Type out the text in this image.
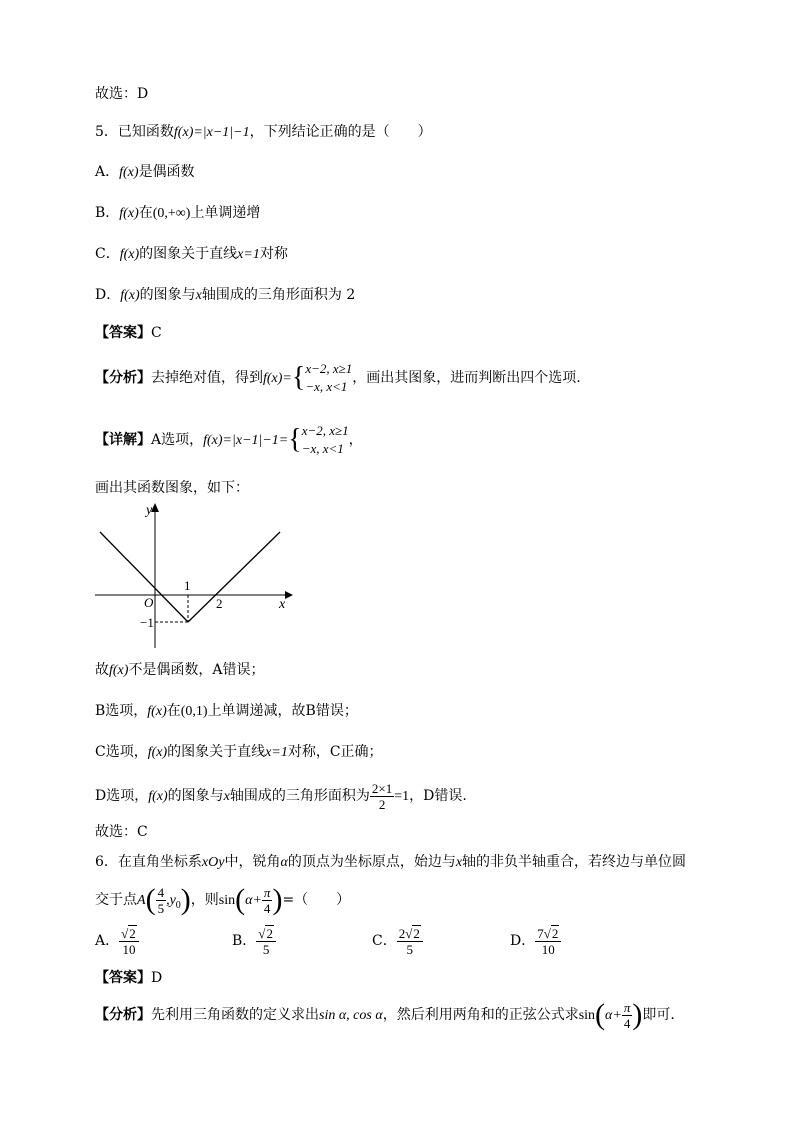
故选：D
5．已知函数f(x)=|x−1|−1，下列结论正确的是（　　）
A．f(x)是偶函数
B．f(x)在(0,+∞)上单调递增
C．f(x)的图象关于直线x=1对称
D．f(x)的图象与x轴围成的三角形面积为 2
【答案】C
【分析】去掉绝对值，得到f(x)={ x−2, x≥1
−x, x<1
，画出其图象，进而判断出四个选项.
【详解】A选项，f(x)=|x−1|−1={ x−2, x≥1
−x, x<1
，
画出其函数图象，如下：
y
x
O
1
2
−1
故f(x)不是偶函数，A错误；
B选项，f(x)在(0,1)上单调递减，故B错误；
C选项，f(x)的图象关于直线x=1对称，C正确；
D选项，f(x)的图象与x轴围成的三角形面积为 $\frac{2\times 1}{2} =1$，D错误.
故选：C
6．在直角坐标系xOy中，锐角α的顶点为坐标原点，始边与x轴的非负半轴重合，若终边与单位圆
交于点$A( \frac{4}{5} ,y_0)$，则$\sin(\alpha+ \frac{\pi}{4}$ )=（　　）
A． $\frac{√2}{10}$	B． $\frac{√2}{5}$	C． $\frac{2√2}{5}$	D． $\frac{7√2}{10}$
【答案】D
【分析】先利用三角函数的定义求出sin α, cos α，然后利用两角和的正弦公式求$\sin(\alpha+ \frac{\pi}{4}$ )即可.
